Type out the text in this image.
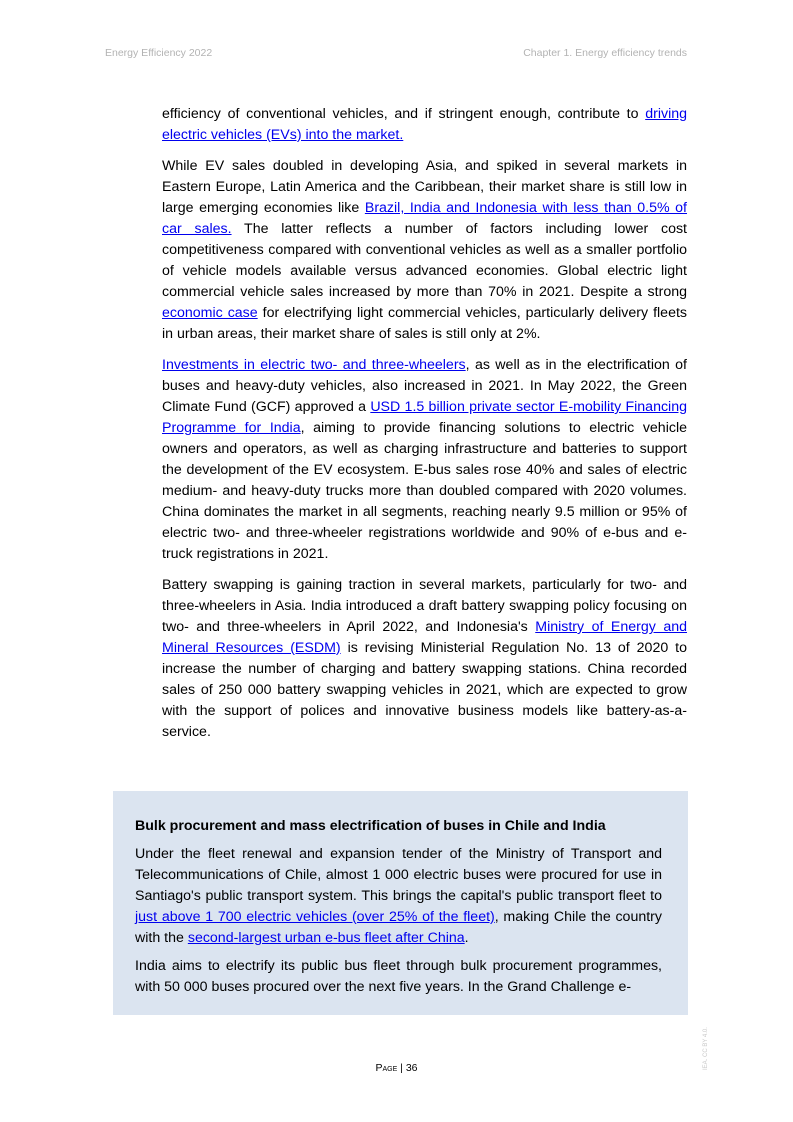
Energy Efficiency 2022	Chapter 1. Energy efficiency trends

efficiency of conventional vehicles, and if stringent enough, contribute to driving electric vehicles (EVs) into the market.

While EV sales doubled in developing Asia, and spiked in several markets in Eastern Europe, Latin America and the Caribbean, their market share is still low in large emerging economies like Brazil, India and Indonesia with less than 0.5% of car sales. The latter reflects a number of factors including lower cost competitiveness compared with conventional vehicles as well as a smaller portfolio of vehicle models available versus advanced economies. Global electric light commercial vehicle sales increased by more than 70% in 2021. Despite a strong economic case for electrifying light commercial vehicles, particularly delivery fleets in urban areas, their market share of sales is still only at 2%.

Investments in electric two- and three-wheelers, as well as in the electrification of buses and heavy-duty vehicles, also increased in 2021. In May 2022, the Green Climate Fund (GCF) approved a USD 1.5 billion private sector E-mobility Financing Programme for India, aiming to provide financing solutions to electric vehicle owners and operators, as well as charging infrastructure and batteries to support the development of the EV ecosystem. E-bus sales rose 40% and sales of electric medium- and heavy-duty trucks more than doubled compared with 2020 volumes. China dominates the market in all segments, reaching nearly 9.5 million or 95% of electric two- and three-wheeler registrations worldwide and 90% of e-bus and e-truck registrations in 2021.

Battery swapping is gaining traction in several markets, particularly for two- and three-wheelers in Asia. India introduced a draft battery swapping policy focusing on two- and three-wheelers in April 2022, and Indonesia's Ministry of Energy and Mineral Resources (ESDM) is revising Ministerial Regulation No. 13 of 2020 to increase the number of charging and battery swapping stations. China recorded sales of 250 000 battery swapping vehicles in 2021, which are expected to grow with the support of polices and innovative business models like battery-as-a-service.

Bulk procurement and mass electrification of buses in Chile and India

Under the fleet renewal and expansion tender of the Ministry of Transport and Telecommunications of Chile, almost 1 000 electric buses were procured for use in Santiago's public transport system. This brings the capital's public transport fleet to just above 1 700 electric vehicles (over 25% of the fleet), making Chile the country with the second-largest urban e-bus fleet after China.

India aims to electrify its public bus fleet through bulk procurement programmes, with 50 000 buses procured over the next five years. In the Grand Challenge e-

Page | 36	IEA. CC BY 4.0.
